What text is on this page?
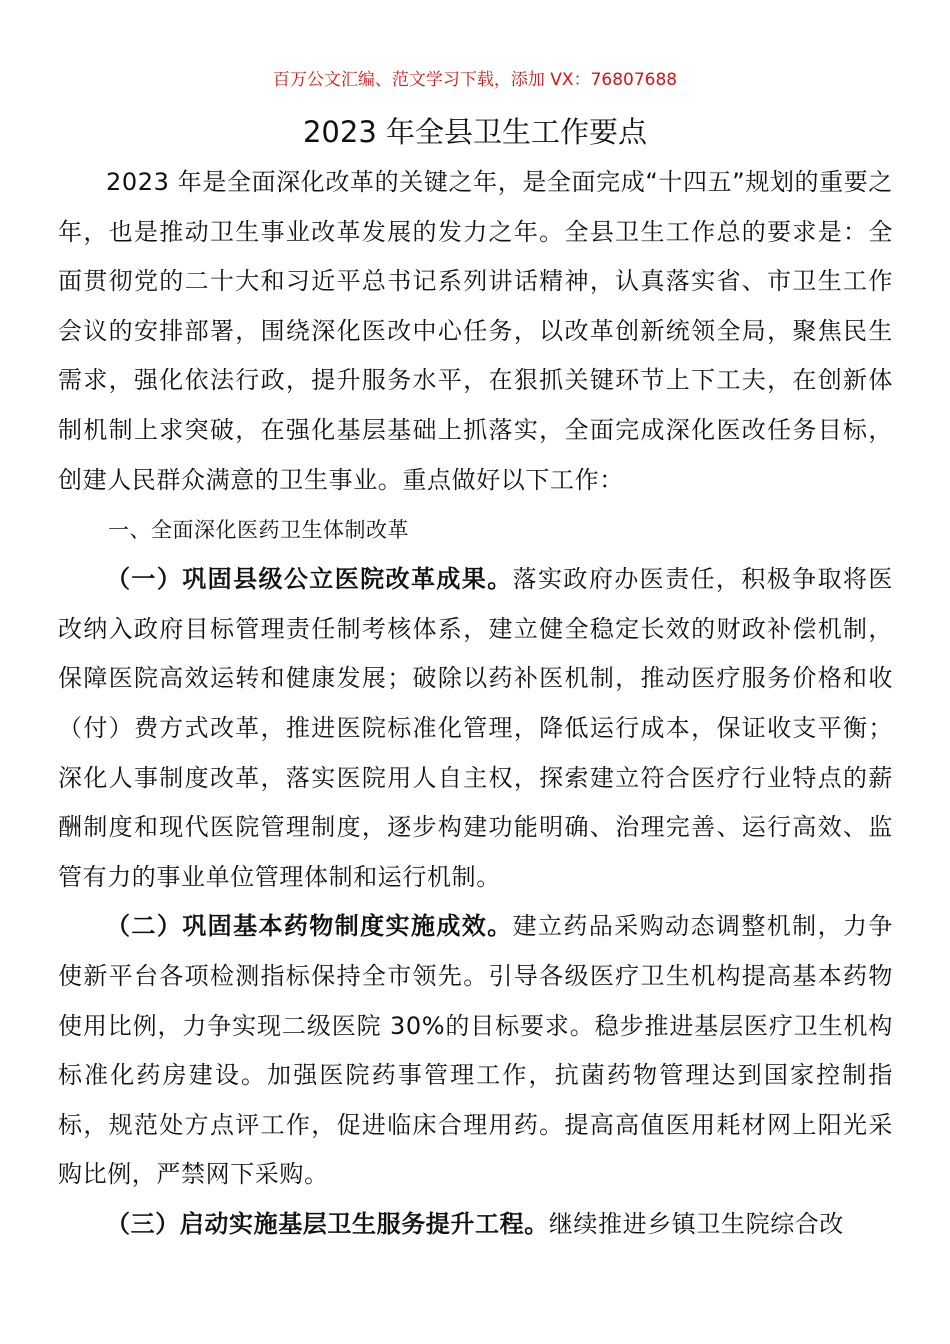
百万公文汇编、范文学习下载，添加 VX：76807688
2023 年全县卫生工作要点

2023 年是全面深化改革的关键之年，是全面完成“十四五”规划的重要之年，也是推动卫生事业改革发展的发力之年。全县卫生工作总的要求是：全面贯彻党的二十大和习近平总书记系列讲话精神，认真落实省、市卫生工作会议的安排部署，围绕深化医改中心任务，以改革创新统领全局，聚焦民生需求，强化依法行政，提升服务水平，在狠抓关键环节上下工夫，在创新体制机制上求突破，在强化基层基础上抓落实，全面完成深化医改任务目标，创建人民群众满意的卫生事业。重点做好以下工作：

一、全面深化医药卫生体制改革

（一）巩固县级公立医院改革成果。落实政府办医责任，积极争取将医改纳入政府目标管理责任制考核体系，建立健全稳定长效的财政补偿机制，保障医院高效运转和健康发展；破除以药补医机制，推动医疗服务价格和收（付）费方式改革，推进医院标准化管理，降低运行成本，保证收支平衡；深化人事制度改革，落实医院用人自主权，探索建立符合医疗行业特点的薪酬制度和现代医院管理制度，逐步构建功能明确、治理完善、运行高效、监管有力的事业单位管理体制和运行机制。

（二）巩固基本药物制度实施成效。建立药品采购动态调整机制，力争使新平台各项检测指标保持全市领先。引导各级医疗卫生机构提高基本药物使用比例，力争实现二级医院 30%的目标要求。稳步推进基层医疗卫生机构标准化药房建设。加强医院药事管理工作，抗菌药物管理达到国家控制指标，规范处方点评工作，促进临床合理用药。提高高值医用耗材网上阳光采购比例，严禁网下采购。

（三）启动实施基层卫生服务提升工程。继续推进乡镇卫生院综合改
